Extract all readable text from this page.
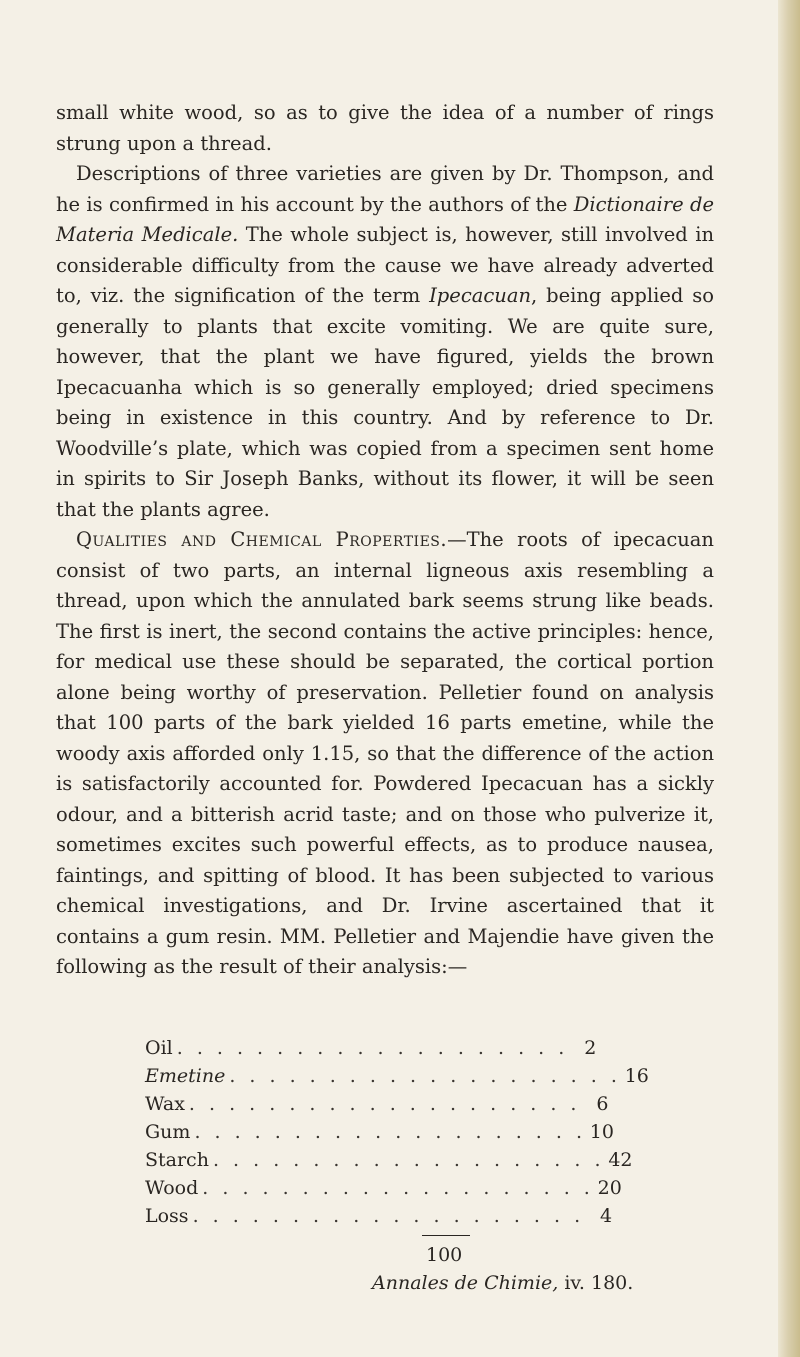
small white wood, so as to give the idea of a number of rings strung upon a thread.

Descriptions of three varieties are given by Dr. Thompson, and he is confirmed in his account by the authors of the Dictionaire de Materia Medicale. The whole subject is, however, still involved in considerable difficulty from the cause we have already adverted to, viz. the signification of the term Ipecacuan, being applied so generally to plants that excite vomiting. We are quite sure, however, that the plant we have figured, yields the brown Ipecacuanha which is so generally employed; dried specimens being in existence in this country. And by reference to Dr. Woodville’s plate, which was copied from a specimen sent home in spirits to Sir Joseph Banks, without its flower, it will be seen that the plants agree.

Qualities and Chemical Properties.—The roots of ipecacuan consist of two parts, an internal ligneous axis resembling a thread, upon which the annulated bark seems strung like beads. The first is inert, the second contains the active principles: hence, for medical use these should be separated, the cortical portion alone being worthy of preservation. Pelletier found on analysis that 100 parts of the bark yielded 16 parts emetine, while the woody axis afforded only 1.15, so that the difference of the action is satisfactorily accounted for. Powdered Ipecacuan has a sickly odour, and a bitterish acrid taste; and on those who pulverize it, sometimes excites such powerful effects, as to produce nausea, faintings, and spitting of blood. It has been subjected to various chemical investigations, and Dr. Irvine ascertained that it contains a gum resin. MM. Pelletier and Majendie have given the following as the result of their analysis:—

Oil . . . . . . . . . . . . . . . . . . . . 2
Emetine . . . . . . . . . . . . . . . . . . . . 16
Wax . . . . . . . . . . . . . . . . . . . . 6
Gum . . . . . . . . . . . . . . . . . . . . 10
Starch . . . . . . . . . . . . . . . . . . . . 42
Wood . . . . . . . . . . . . . . . . . . . . 20
Loss . . . . . . . . . . . . . . . . . . . . 4
100
Annales de Chimie, iv. 180.
